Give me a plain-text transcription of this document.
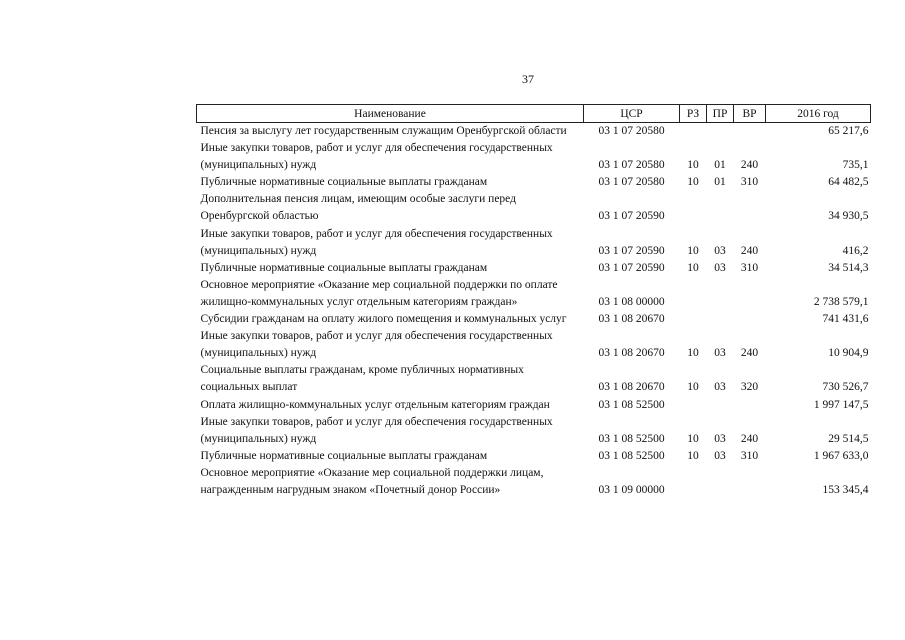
37
Наименование	ЦСР	РЗ	ПР	ВР	2016 год
Пенсия за выслугу лет государственным служащим Оренбургской области	03 1 07 20580				65 217,6
Иные закупки товаров, работ и услуг для обеспечения государственных (муниципальных) нужд	03 1 07 20580	10	01	240	735,1
Публичные нормативные социальные выплаты гражданам	03 1 07 20580	10	01	310	64 482,5
Дополнительная пенсия лицам, имеющим особые заслуги перед Оренбургской областью	03 1 07 20590				34 930,5
Иные закупки товаров, работ и услуг для обеспечения государственных (муниципальных) нужд	03 1 07 20590	10	03	240	416,2
Публичные нормативные социальные выплаты гражданам	03 1 07 20590	10	03	310	34 514,3
Основное мероприятие «Оказание мер социальной поддержки по оплате жилищно-коммунальных услуг отдельным категориям граждан»	03 1 08 00000				2 738 579,1
Субсидии гражданам на оплату жилого помещения и коммунальных услуг	03 1 08 20670				741 431,6
Иные закупки товаров, работ и услуг для обеспечения государственных (муниципальных) нужд	03 1 08 20670	10	03	240	10 904,9
Социальные выплаты гражданам, кроме публичных нормативных социальных выплат	03 1 08 20670	10	03	320	730 526,7
Оплата жилищно-коммунальных услуг отдельным категориям граждан	03 1 08 52500				1 997 147,5
Иные закупки товаров, работ и услуг для обеспечения государственных (муниципальных) нужд	03 1 08 52500	10	03	240	29 514,5
Публичные нормативные социальные выплаты гражданам	03 1 08 52500	10	03	310	1 967 633,0
Основное мероприятие «Оказание мер социальной поддержки лицам, награжденным нагрудным знаком «Почетный донор России»	03 1 09 00000				153 345,4
